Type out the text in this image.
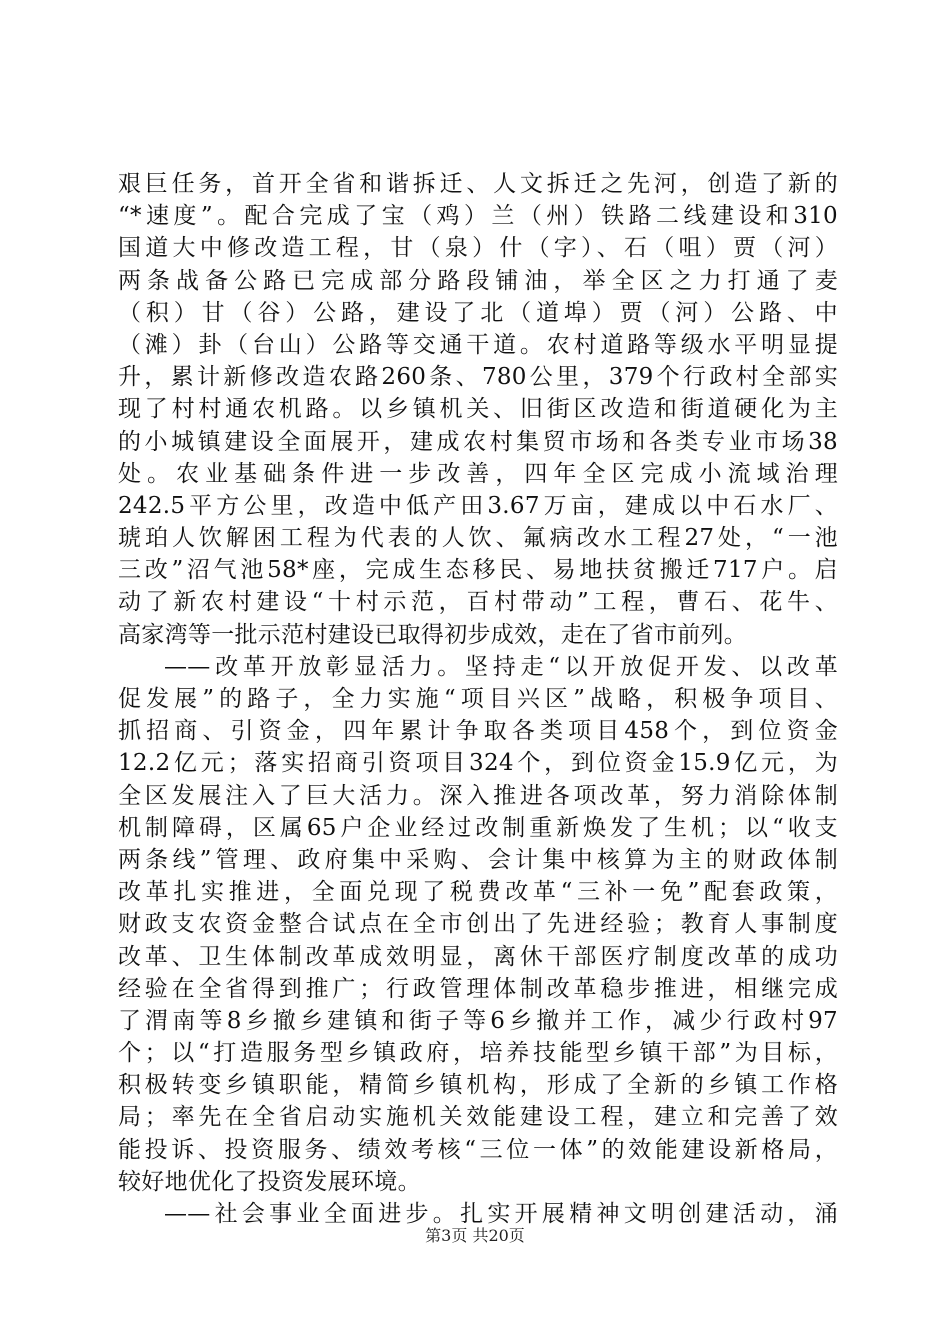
艰巨任务，首开全省和谐拆迁、人文拆迁之先河，创造了新的
“*速度”。配合完成了宝（鸡）兰（州）铁路二线建设和310
国道大中修改造工程，甘（泉）什（字）、石（咀）贾（河）
两条战备公路已完成部分路段铺油，举全区之力打通了麦
（积）甘（谷）公路，建设了北（道埠）贾（河）公路、中
（滩）卦（台山）公路等交通干道。农村道路等级水平明显提
升，累计新修改造农路260条、780公里，379个行政村全部实
现了村村通农机路。以乡镇机关、旧街区改造和街道硬化为主
的小城镇建设全面展开，建成农村集贸市场和各类专业市场38
处。农业基础条件进一步改善，四年全区完成小流域治理
242.5平方公里，改造中低产田3.67万亩，建成以中石水厂、
琥珀人饮解困工程为代表的人饮、氟病改水工程27处，“一池
三改”沼气池58*座，完成生态移民、易地扶贫搬迁717户。启
动了新农村建设“十村示范，百村带动”工程，曹石、花牛、
高家湾等一批示范村建设已取得初步成效，走在了省市前列。
——改革开放彰显活力。坚持走“以开放促开发、以改革
促发展”的路子，全力实施“项目兴区”战略，积极争项目、
抓招商、引资金，四年累计争取各类项目458个，到位资金
12.2亿元；落实招商引资项目324个，到位资金15.9亿元，为
全区发展注入了巨大活力。深入推进各项改革，努力消除体制
机制障碍，区属65户企业经过改制重新焕发了生机；以“收支
两条线”管理、政府集中采购、会计集中核算为主的财政体制
改革扎实推进，全面兑现了税费改革“三补一免”配套政策，
财政支农资金整合试点在全市创出了先进经验；教育人事制度
改革、卫生体制改革成效明显，离休干部医疗制度改革的成功
经验在全省得到推广；行政管理体制改革稳步推进，相继完成
了渭南等8乡撤乡建镇和街子等6乡撤并工作，减少行政村97
个；以“打造服务型乡镇政府，培养技能型乡镇干部”为目标，
积极转变乡镇职能，精简乡镇机构，形成了全新的乡镇工作格
局；率先在全省启动实施机关效能建设工程，建立和完善了效
能投诉、投资服务、绩效考核“三位一体”的效能建设新格局，
较好地优化了投资发展环境。
——社会事业全面进步。扎实开展精神文明创建活动，涌
第3页 共20页
